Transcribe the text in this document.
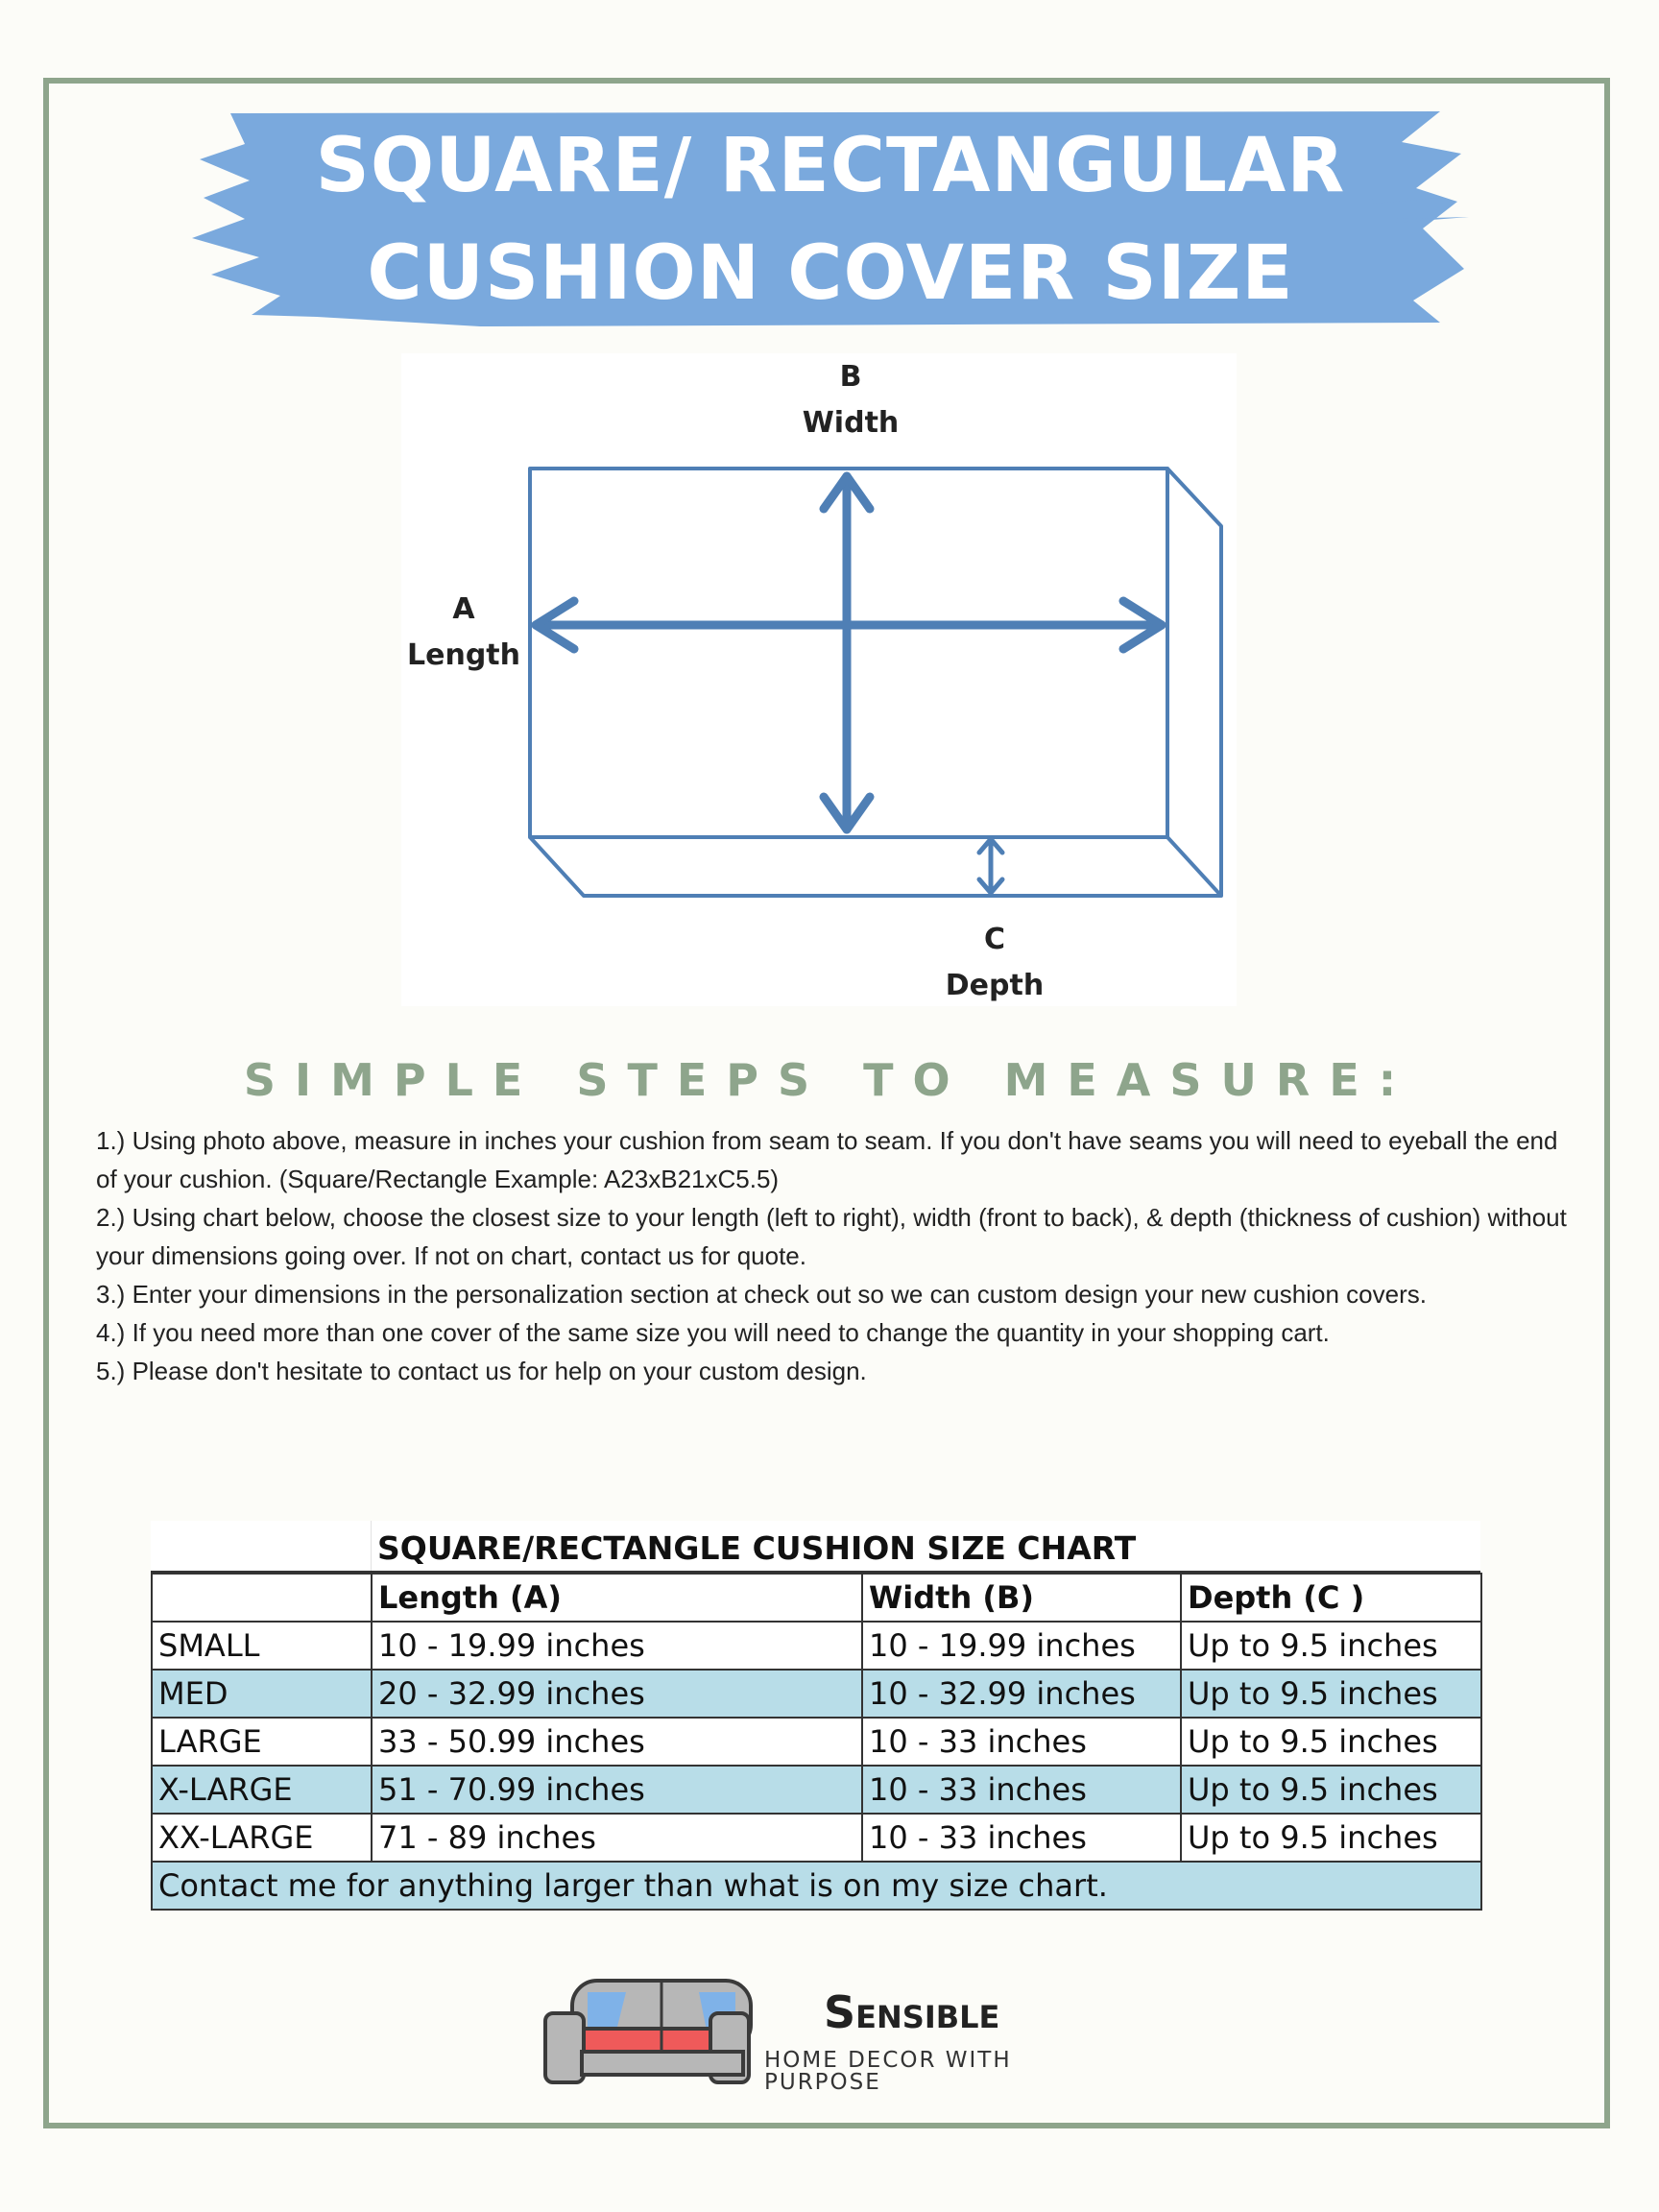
SQUARE/ RECTANGULAR
CUSHION COVER SIZE
B
Width
A
Length
C
Depth
SIMPLE STEPS TO MEASURE:

1.) Using photo above, measure in inches your cushion from seam to seam. If you don't have seams you will need to eyeball the end of your cushion. (Square/Rectangle Example: A23xB21xC5.5)

2.) Using chart below, choose the closest size to your length (left to right), width (front to back), & depth (thickness of cushion) without your dimensions going over. If not on chart, contact us for quote.

3.) Enter your dimensions in the personalization section at check out so we can custom design your new cushion covers.

4.) If you need more than one cover of the same size you will need to change the quantity in your shopping cart.

5.) Please don't hesitate to contact us for help on your custom design.

SQUARE/RECTANGLE CUSHION SIZE CHART
	Length (A)	Width (B)	Depth (C )
SMALL	10 - 19.99 inches	10 - 19.99 inches	Up to 9.5 inches
MED	20 - 32.99 inches	10 - 32.99 inches	Up to 9.5 inches
LARGE	33 - 50.99 inches	10 - 33 inches	Up to 9.5 inches
X-LARGE	51 - 70.99 inches	10 - 33 inches	Up to 9.5 inches
XX-LARGE	71 - 89 inches	10 - 33 inches	Up to 9.5 inches
Contact me for anything larger than what is on my size chart.			
Sensible
HOME DECOR WITH PURPOSE
